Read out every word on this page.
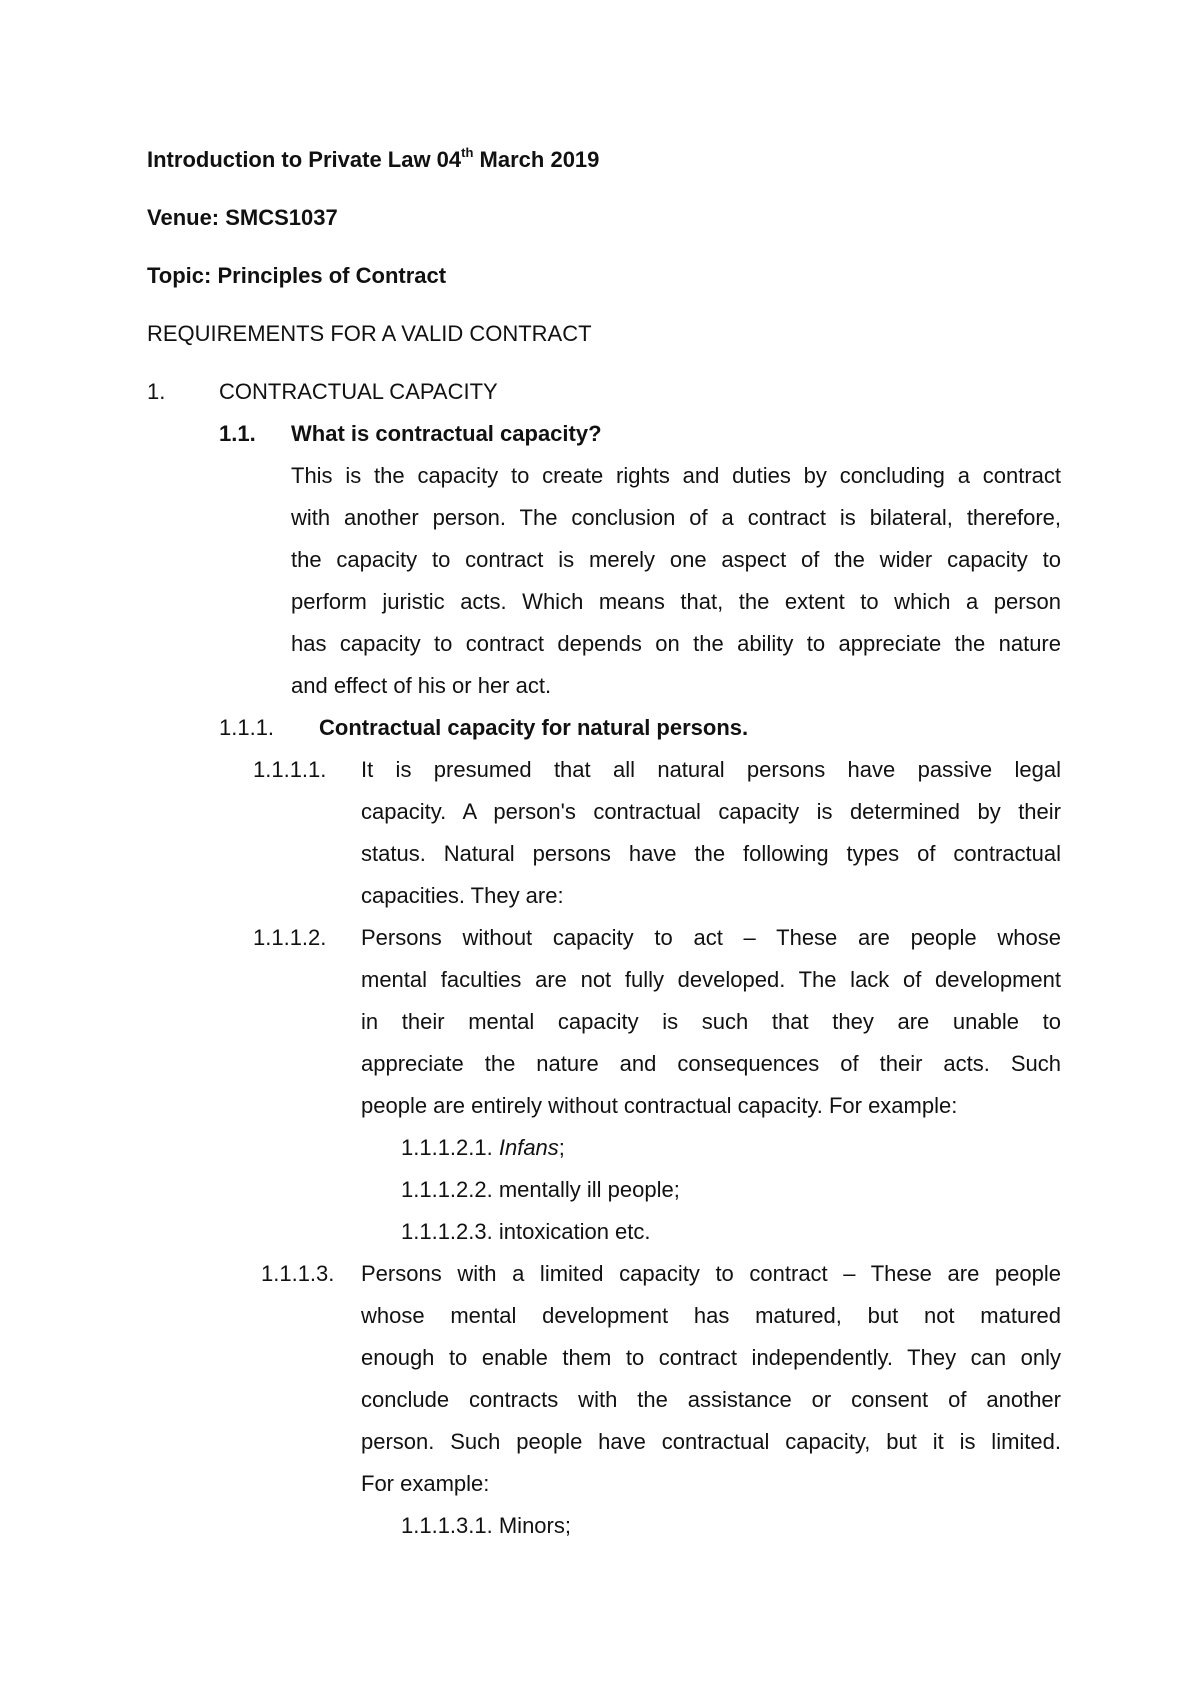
Introduction to Private Law 04th March 2019
Venue: SMCS1037
Topic: Principles of Contract
REQUIREMENTS FOR A VALID CONTRACT
1. CONTRACTUAL CAPACITY
1.1. What is contractual capacity?
This is the capacity to create rights and duties by concluding a contract
with another person. The conclusion of a contract is bilateral, therefore,
the capacity to contract is merely one aspect of the wider capacity to
perform juristic acts. Which means that, the extent to which a person
has capacity to contract depends on the ability to appreciate the nature
and effect of his or her act.
1.1.1. Contractual capacity for natural persons.
1.1.1.1. It is presumed that all natural persons have passive legal
capacity. A person's contractual capacity is determined by their
status. Natural persons have the following types of contractual
capacities. They are:
1.1.1.2. Persons without capacity to act – These are people whose
mental faculties are not fully developed. The lack of development
in their mental capacity is such that they are unable to
appreciate the nature and consequences of their acts. Such
people are entirely without contractual capacity. For example:
1.1.1.2.1. Infans;
1.1.1.2.2. mentally ill people;
1.1.1.2.3. intoxication etc.
1.1.1.3. Persons with a limited capacity to contract – These are people
whose mental development has matured, but not matured
enough to enable them to contract independently. They can only
conclude contracts with the assistance or consent of another
person. Such people have contractual capacity, but it is limited.
For example:
1.1.1.3.1. Minors;
